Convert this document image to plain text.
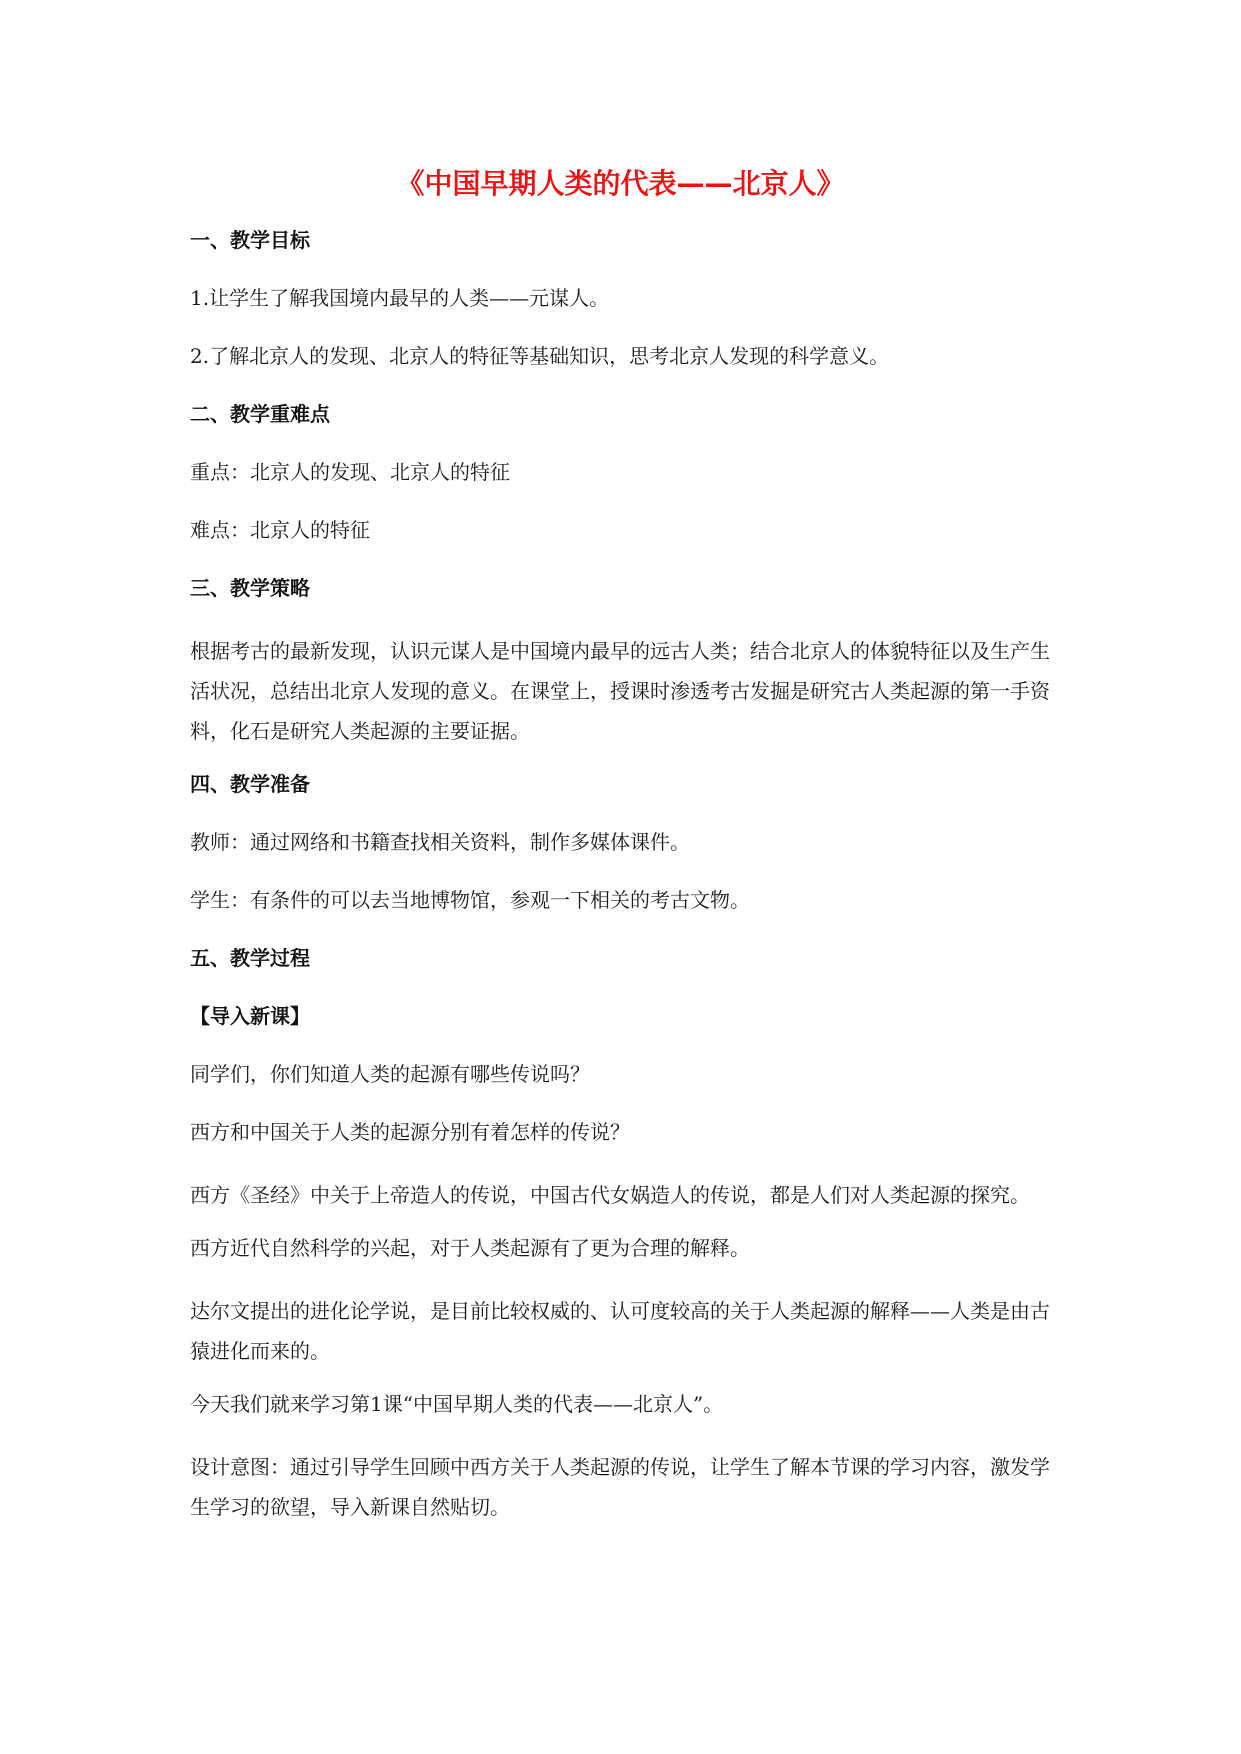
《中国早期人类的代表——北京人》
一、教学目标
1.让学生了解我国境内最早的人类——元谋人。
2.了解北京人的发现、北京人的特征等基础知识，思考北京人发现的科学意义。
二、教学重难点
重点：北京人的发现、北京人的特征
难点：北京人的特征
三、教学策略
根据考古的最新发现，认识元谋人是中国境内最早的远古人类；结合北京人的体貌特征以及生产生活状况，总结出北京人发现的意义。在课堂上，授课时渗透考古发掘是研究古人类起源的第一手资料，化石是研究人类起源的主要证据。
四、教学准备
教师：通过网络和书籍查找相关资料，制作多媒体课件。
学生：有条件的可以去当地博物馆，参观一下相关的考古文物。
五、教学过程
【导入新课】
同学们，你们知道人类的起源有哪些传说吗？
西方和中国关于人类的起源分别有着怎样的传说？
西方《圣经》中关于上帝造人的传说，中国古代女娲造人的传说，都是人们对人类起源的探究。
西方近代自然科学的兴起，对于人类起源有了更为合理的解释。
达尔文提出的进化论学说，是目前比较权威的、认可度较高的关于人类起源的解释——人类是由古猿进化而来的。
今天我们就来学习第1课“中国早期人类的代表——北京人”。
设计意图：通过引导学生回顾中西方关于人类起源的传说，让学生了解本节课的学习内容，激发学生学习的欲望，导入新课自然贴切。
